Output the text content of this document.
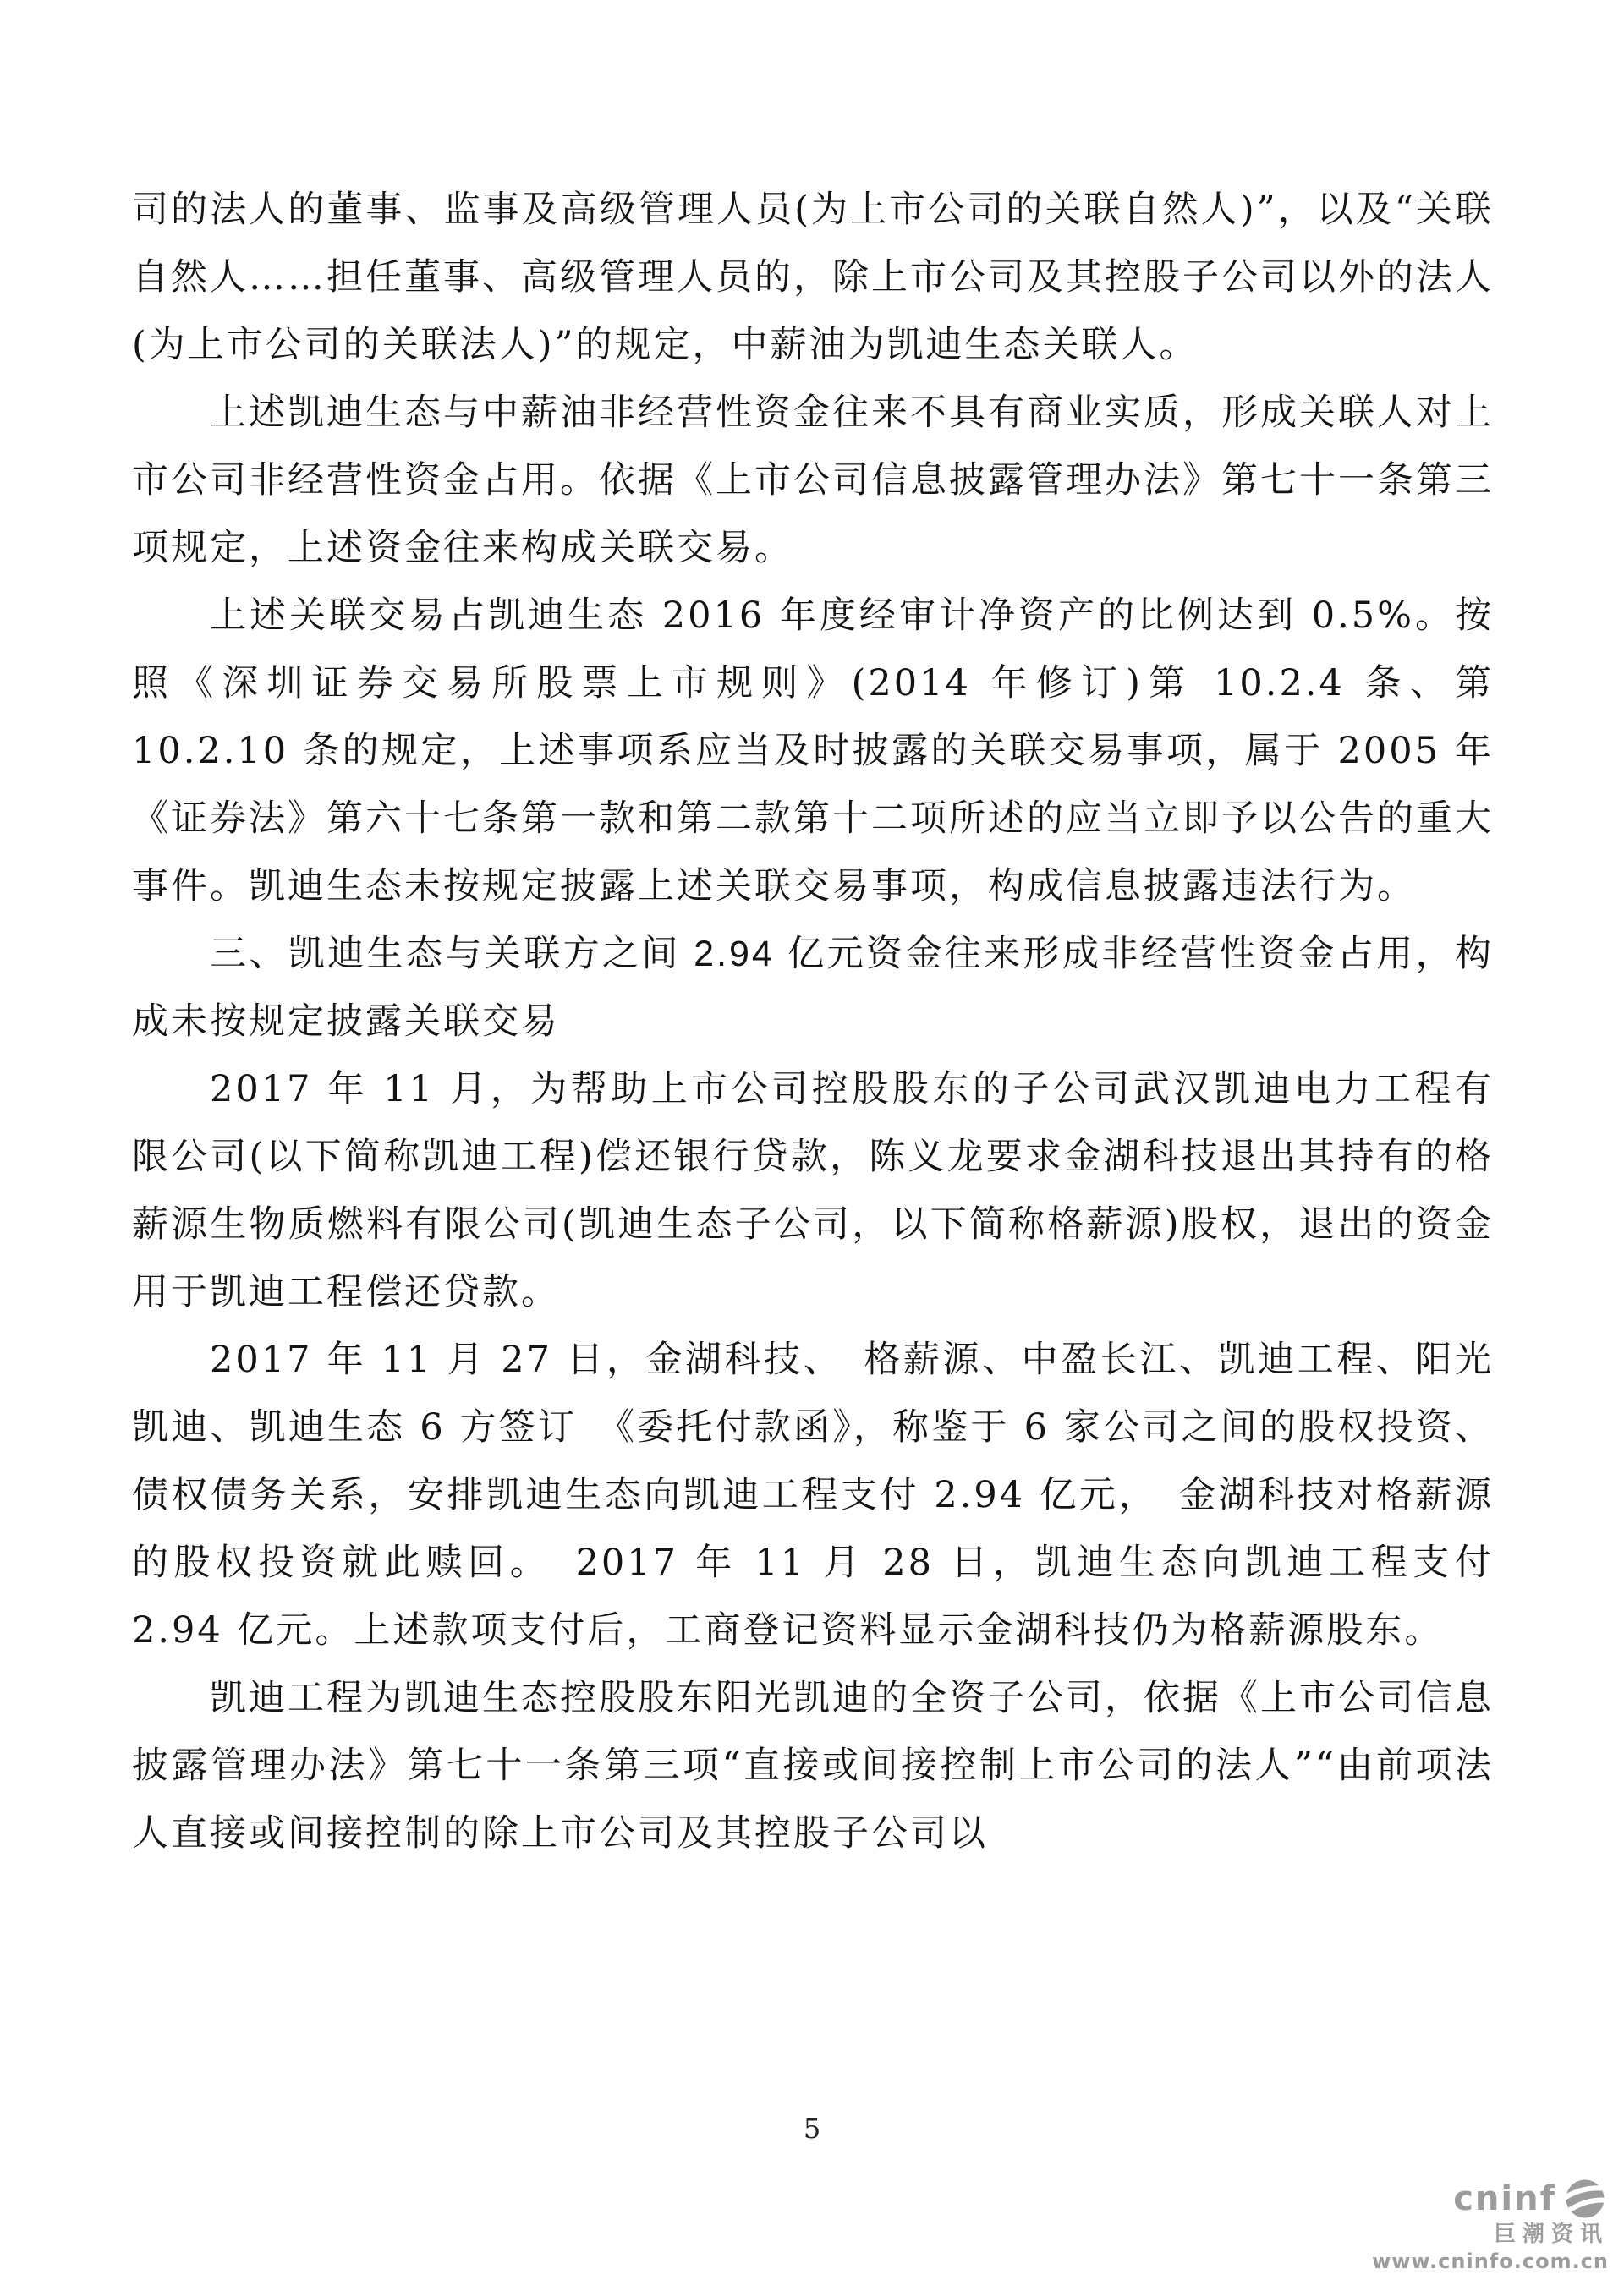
司的法人的董事、监事及高级管理人员(为上市公司的关联自然人)”，以及“关联自然人……担任董事、高级管理人员的，除上市公司及其控股子公司以外的法人(为上市公司的关联法人)”的规定，中薪油为凯迪生态关联人。

上述凯迪生态与中薪油非经营性资金往来不具有商业实质，形成关联人对上市公司非经营性资金占用。依据《上市公司信息披露管理办法》第七十一条第三项规定，上述资金往来构成关联交易。

上述关联交易占凯迪生态 2016 年度经审计净资产的比例达到 0.5%。按照《深圳证券交易所股票上市规则》(2014 年修订)第 10.2.4 条、第 10.2.10 条的规定，上述事项系应当及时披露的关联交易事项，属于 2005 年《证券法》第六十七条第一款和第二款第十二项所述的应当立即予以公告的重大事件。凯迪生态未按规定披露上述关联交易事项，构成信息披露违法行为。

三、凯迪生态与关联方之间 2.94 亿元资金往来形成非经营性资金占用，构成未按规定披露关联交易

2017 年 11 月，为帮助上市公司控股股东的子公司武汉凯迪电力工程有限公司(以下简称凯迪工程)偿还银行贷款，陈义龙要求金湖科技退出其持有的格薪源生物质燃料有限公司(凯迪生态子公司，以下简称格薪源)股权，退出的资金用于凯迪工程偿还贷款。

2017 年 11 月 27 日，金湖科技、　格薪源、中盈长江、凯迪工程、阳光凯迪、凯迪生态 6 方签订　《委托付款函》，称鉴于 6 家公司之间的股权投资、债权债务关系，安排凯迪生态向凯迪工程支付 2.94 亿元，　金湖科技对格薪源的股权投资就此赎回。　2017 年 11 月 28 日，凯迪生态向凯迪工程支付 2.94 亿元。上述款项支付后，工商登记资料显示金湖科技仍为格薪源股东。

凯迪工程为凯迪生态控股股东阳光凯迪的全资子公司，依据《上市公司信息披露管理办法》第七十一条第三项“直接或间接控制上市公司的法人”“由前项法人直接或间接控制的除上市公司及其控股子公司以

5
cninf
巨潮资讯
www.cninfo.com.cn
